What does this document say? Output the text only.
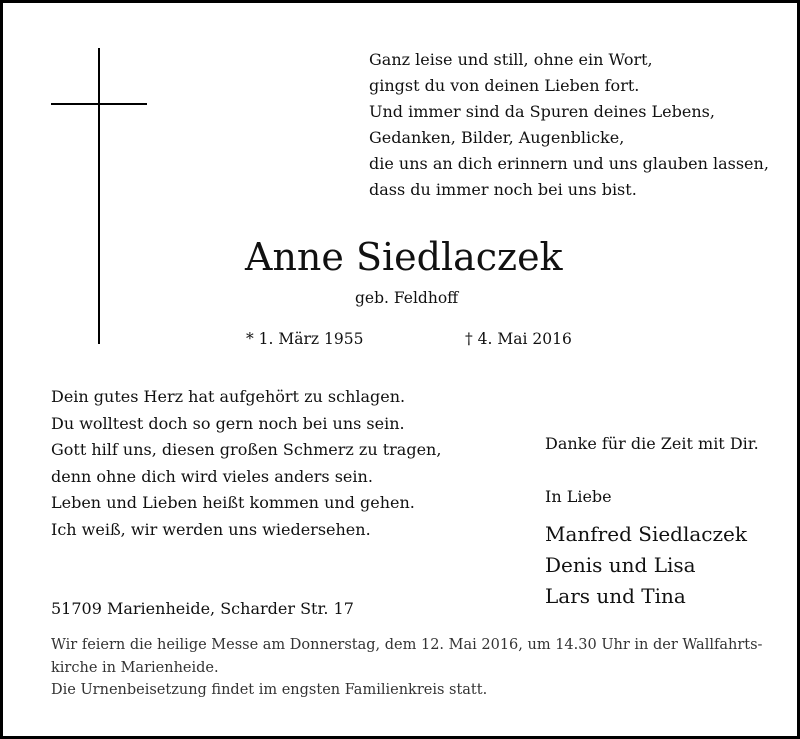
Ganz leise und still, ohne ein Wort,
gingst du von deinen Lieben fort.
Und immer sind da Spuren deines Lebens,
Gedanken, Bilder, Augenblicke,
die uns an dich erinnern und uns glauben lassen,
dass du immer noch bei uns bist.
Anne Siedlaczek
geb. Feldhoff
* 1. März 1955	† 4. Mai 2016
Dein gutes Herz hat aufgehört zu schlagen.
Du wolltest doch so gern noch bei uns sein.
Gott hilf uns, diesen großen Schmerz zu tragen,
denn ohne dich wird vieles anders sein.
Leben und Lieben heißt kommen und gehen.
Ich weiß, wir werden uns wiedersehen.
Danke für die Zeit mit Dir.
In Liebe
Manfred Siedlaczek
Denis und Lisa
Lars und Tina
51709 Marienheide, Scharder Str. 17
Wir feiern die heilige Messe am Donnerstag, dem 12. Mai 2016, um 14.30 Uhr in der Wallfahrts-
kirche in Marienheide.
Die Urnenbeisetzung findet im engsten Familienkreis statt.
